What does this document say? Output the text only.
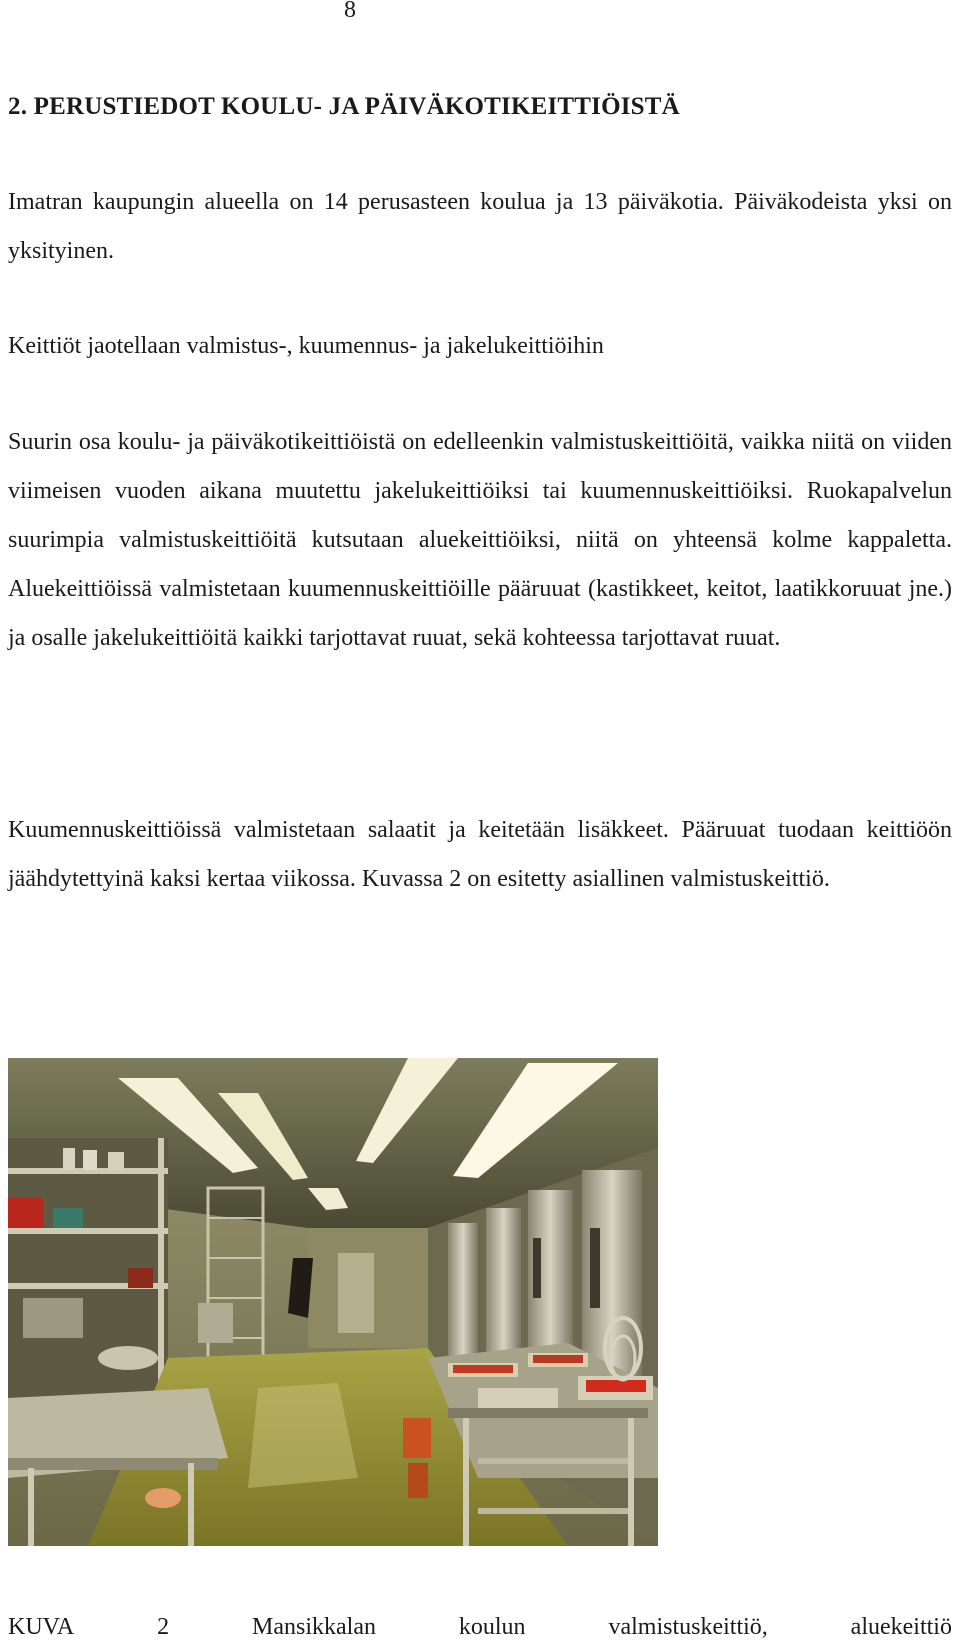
8
2. PERUSTIEDOT KOULU- JA PÄIVÄKOTIKEITTIÖISTÄ

Imatran kaupungin alueella on 14 perusasteen koulua ja 13 päiväkotia. Päiväkodeista yksi on yksityinen.

Keittiöt jaotellaan valmistus-, kuumennus- ja jakelukeittiöihin

Suurin osa koulu- ja päiväkotikeittiöistä on edelleenkin valmistuskeittiöitä, vaikka niitä on viiden viimeisen vuoden aikana muutettu jakelukeittiöiksi tai kuumennuskeittiöiksi. Ruokapalvelun suurimpia valmistuskeittiöitä kutsutaan aluekeittiöiksi, niitä on yhteensä kolme kappaletta. Aluekeittiöissä valmistetaan kuumennuskeittiöille pääruuat (kastikkeet, keitot, laatikkoruuat jne.) ja osalle jakelukeittiöitä kaikki tarjottavat ruuat, sekä kohteessa tarjottavat ruuat.

Kuumennuskeittiöissä valmistetaan salaatit ja keitetään lisäkkeet. Pääruuat tuodaan keittiöön jäähdytettyinä kaksi kertaa viikossa. Kuvassa 2 on esitetty asiallinen valmistuskeittiö.

KUVA	2	Mansikkalan	koulun	valmistuskeittiö,	aluekeittiö
